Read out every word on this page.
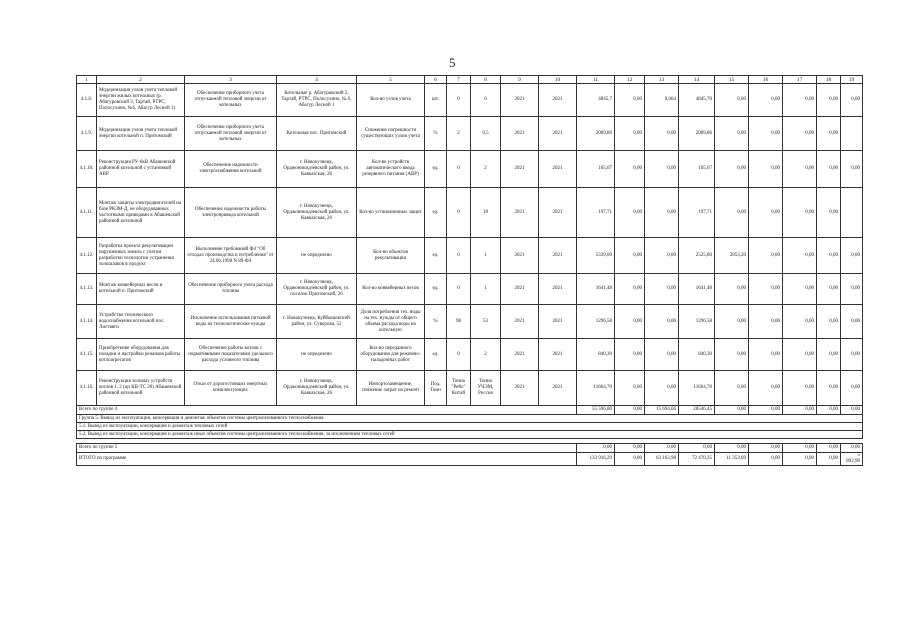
5
1	2	3	4	5	6	7	8	9	10	11	12	13	14	15	16	17	18	19
4.1.8.	Модернизация узлов учета тепловой энергии жилых котельных (р. Абагуровский 2, Тартай, РТРС, Полосухино, №6, Абагур Лесной 1)	Обеспечение приборного учета отпускаемой тепловой энергии от котельных	Котельные р. Абагуровский 2, Тартай, РТРС, Полосухино, № 6, Абагур Лесной 1	Кол-во узлов учета	шт.	0	6	2021	2021	4845,7	0,00	0,064	4845,70	0,00	0,00	0,00	0,00	0,00
4.1.9.	Модернизация узлов учета тепловой энергии котельной п. Притомский	Обеспечение приборного учета отпускаемой тепловой энергии от котельных	Котельная пос. Притомский	Снижение погрешности существующих узлов учета	%	2	0,5	2021	2021	2009,86	0,00	0,00	2009,86	0,00	0,00	0,00	0,00	
4.1.10.	Реконструкция РУ-6кВ Абашевской районной котельной с установкой АВР	Обеспечение надежности электроснабжения котельной	г. Новокузнецк, Орджоникидзевский район, ул. Кавказская, 26	Кол-во устройств автоматического ввода резервного питания (АВР)	ед.	0	2	2021	2021	165,67	0,00	0,00	165,67	0,00	0,00	0,00	0,00	0,00
4.1.11.	Монтаж защиты электродвигателей на базе РКЗМ-Д, не оборудованных частотными приводами в Абашевской районной котельной	Обеспечение надежности работы электропривода котельной	г. Новокузнецк, Орджоникидзевский район, ул. Кавказская, 26	Кол-во установленных защит	ед.	0	18	2021	2021	197,71	0,00	0,00	197,71	0,00	0,00	0,00	0,00	
4.1.12.	Разработка проекта рекультивации нарушенных земель с учетом разработки технологии устранения золошлаков в продукт	Выполнение требований ФЗ "Об отходах производства и потребления" от 24.06.1998 N 89-ФЗ	не определено	Кол-во объектов рекультивации	ед.	0	1	2021	2021	5339,00	0,00	0,00	2525,80	2853,20	0,00	0,00	0,00	0,00
4.1.13.	Монтаж конвейерных весов в котельной п. Притомский	Обеспечение приборного учета расхода топлива	г. Новокузнецк, Орджоникидзевский район, ул. поселок Притомский, 26	Кол-во конвейерных весов	ед.	0	1	2021	2021	1641,48	0,00	0,00	1641,48	0,00	0,00	0,00	0,00	0,00
4.1.14.	Устройство технического водоснабжения котельной пос. Листвяги	Исключение использования питьевой воды на технологические нужды	г. Новокузнецк, Куйбышевский район, ул. Суворова, 52	Доля потребления тех. воды на тех. нужды от общего объема расхода воды на котельную	%	98	53	2021	2021	1296,58	0,00	0,00	1296,58	0,00	0,00	0,00	0,00	0,00
4.1.15.	Приобретение оборудования для наладки и настройки режимов работы котлоагрегатов	Обеспечение работы котлов с нормативными показателями удельного расхода условного топлива	не определено	Кол-во переданного оборудования для режимно-наладочных работ	ед.	0	2	2021	2021	840,30	0,00	0,00	840,30	0,00	0,00	0,00	0,00	0,00
4.1.16.	Реконструкция золовых устройств котлов 1, 2 (цп КВ-ТС 20) Абашевской районной котельной	Отказ от дорогостоящих инертных комплектующих	г. Новокузнецк, Орджоникидзевский район, ул. Кавказская, 26	Импортозамещение, снижение затрат на ремонт	Под. Тонн	Тонна "Рейл" Китай	Тонна УЧЭМ, Россия	2021	2021	11664,70	0,00	0,00	11664,70	0,00	0,00	0,00	0,00	0,00
Всего по группе 4										55 596,80	0,00	15 694,66	28546,45	0,00	0,00	0,00	0,00	0,00
Группа 5. Вывод из эксплуатации, консервация и демонтаж объектов системы централизованного теплоснабжения																		
5.1. Вывод из эксплуатации, консервация и демонтаж тепловых сетей																		
5.2. Вывод из эксплуатации, консервация и демонтаж иных объектов системы централизованного теплоснабжения, за исключением тепловых сетей																		

Всего по группе 5										0,00	0,00	0,00	0,00	0,00	0,00	0,00	0,00	0,00
ИТОГО по программе										133 916,29	0,00	63 163,98	72 470,35	11 353,69	0,00	0,00	0,00	5 892,96
